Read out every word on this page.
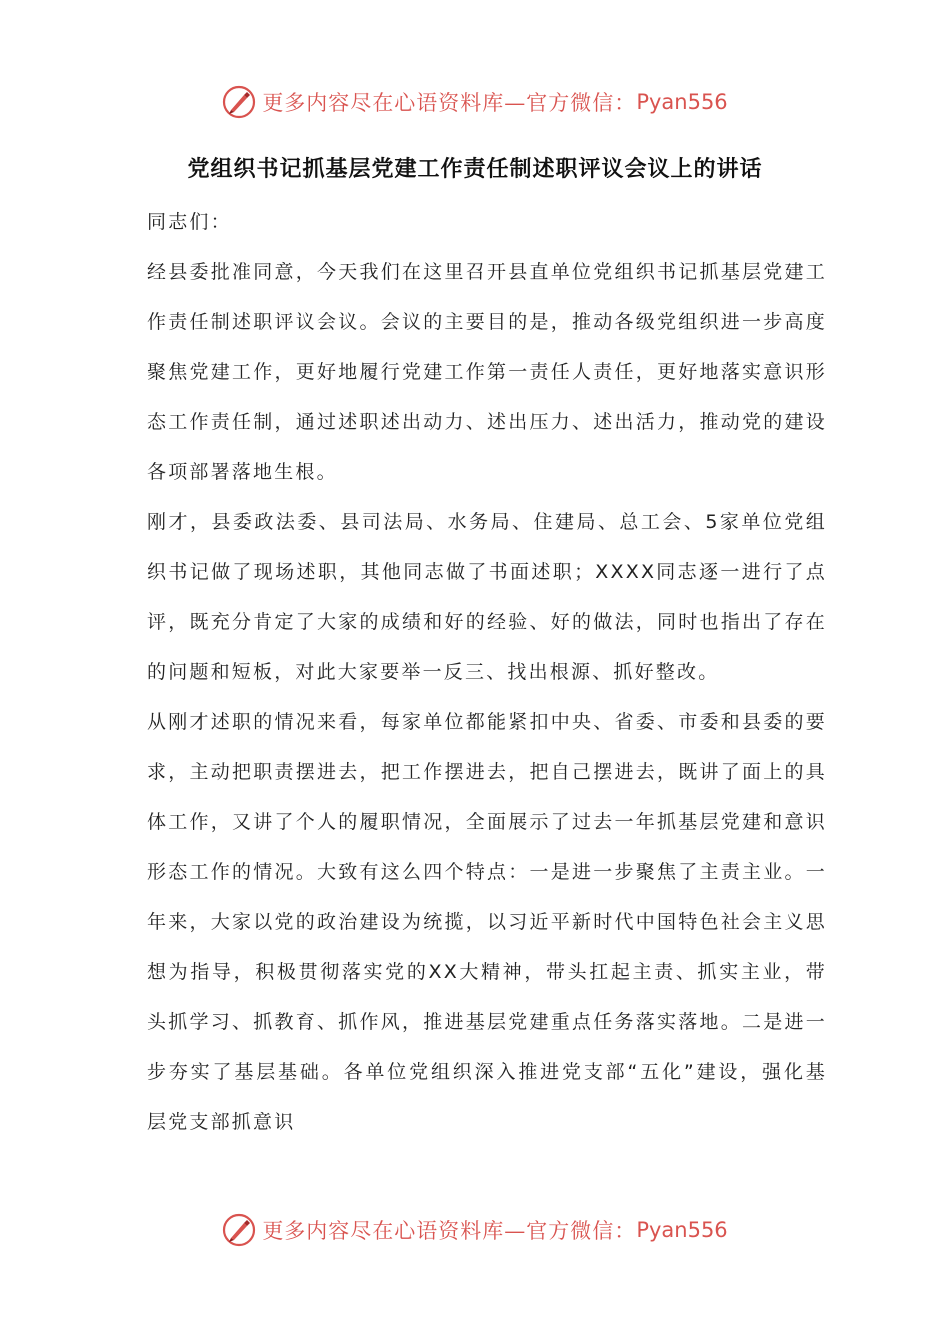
更多内容尽在心语资料库—官方微信： Pyan556
党组织书记抓基层党建工作责任制述职评议会议上的讲话

同志们：

经县委批准同意，今天我们在这里召开县直单位党组织书记抓基层党建工作责任制述职评议会议。会议的主要目的是，推动各级党组织进一步高度聚焦党建工作，更好地履行党建工作第一责任人责任，更好地落实意识形态工作责任制，通过述职述出动力、述出压力、述出活力，推动党的建设各项部署落地生根。

刚才，县委政法委、县司法局、水务局、住建局、总工会、5家单位党组织书记做了现场述职，其他同志做了书面述职；XXXX同志逐一进行了点评，既充分肯定了大家的成绩和好的经验、好的做法，同时也指出了存在的问题和短板，对此大家要举一反三、找出根源、抓好整改。

从刚才述职的情况来看，每家单位都能紧扣中央、省委、市委和县委的要求，主动把职责摆进去，把工作摆进去，把自己摆进去，既讲了面上的具体工作，又讲了个人的履职情况，全面展示了过去一年抓基层党建和意识形态工作的情况。大致有这么四个特点：一是进一步聚焦了主责主业。一年来，大家以党的政治建设为统揽，以习近平新时代中国特色社会主义思想为指导，积极贯彻落实党的XX大精神，带头扛起主责、抓实主业，带头抓学习、抓教育、抓作风，推进基层党建重点任务落实落地。二是进一步夯实了基层基础。各单位党组织深入推进党支部“五化”建设，强化基层党支部抓意识

更多内容尽在心语资料库—官方微信： Pyan556
